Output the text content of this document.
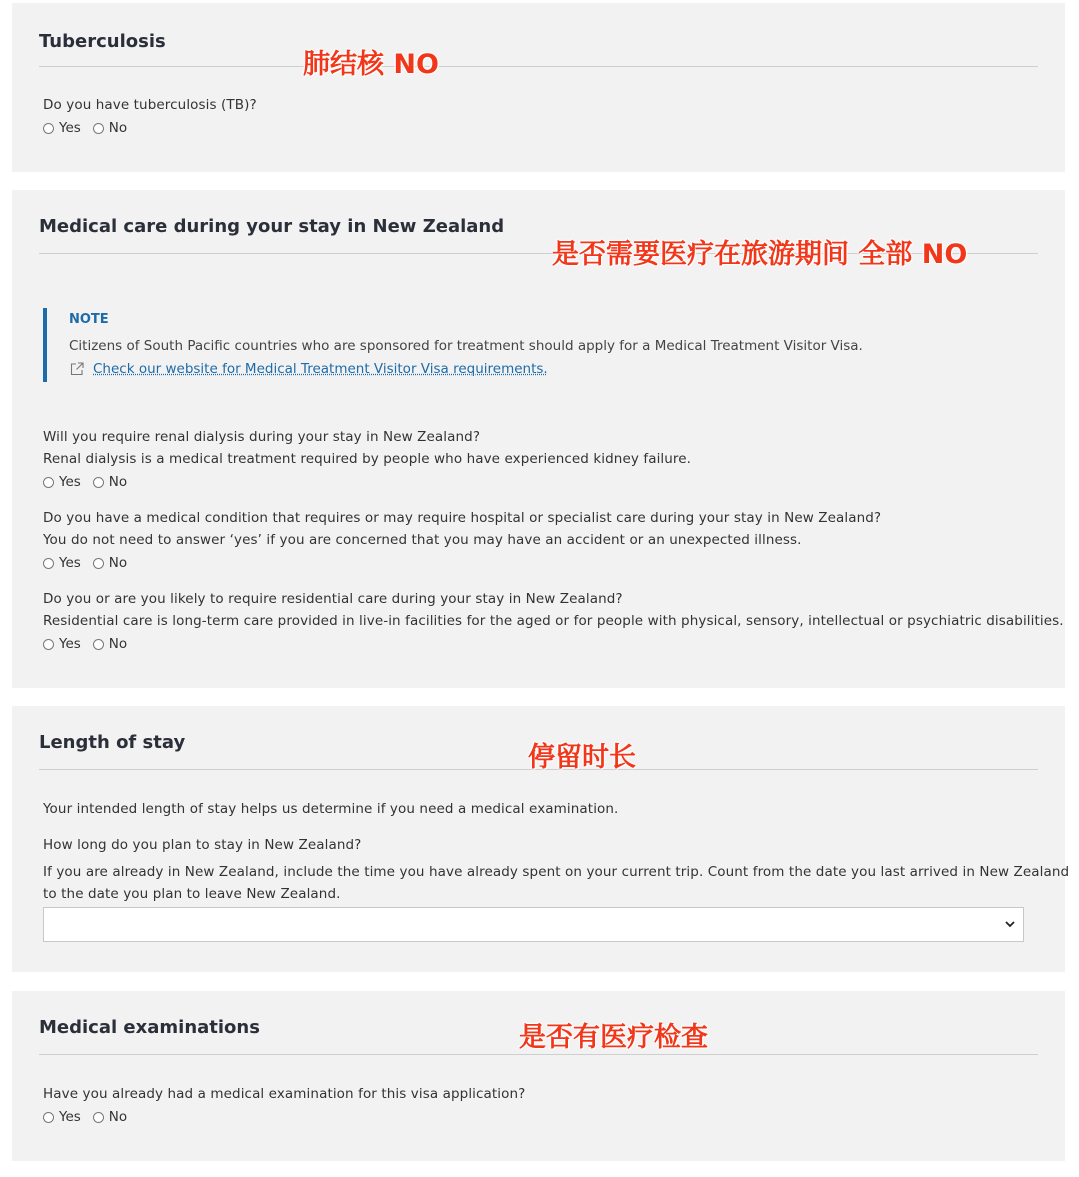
Tuberculosis
Do you have tuberculosis (TB)?
Yes No
肺结核 NO
Medical care during your stay in New Zealand
NOTE
Citizens of South Pacific countries who are sponsored for treatment should apply for a Medical Treatment Visitor Visa.
Check our website for Medical Treatment Visitor Visa requirements.
Will you require renal dialysis during your stay in New Zealand?
Renal dialysis is a medical treatment required by people who have experienced kidney failure.
Yes No
Do you have a medical condition that requires or may require hospital or specialist care during your stay in New Zealand?
You do not need to answer ‘yes’ if you are concerned that you may have an accident or an unexpected illness.
Yes No
Do you or are you likely to require residential care during your stay in New Zealand?
Residential care is long-term care provided in live-in facilities for the aged or for people with physical, sensory, intellectual or psychiatric disabilities.
Yes No
是否需要医疗在旅游期间 全部 NO
Length of stay
Your intended length of stay helps us determine if you need a medical examination.
How long do you plan to stay in New Zealand?
If you are already in New Zealand, include the time you have already spent on your current trip. Count from the date you last arrived in New Zealand
to the date you plan to leave New Zealand.
停留时长
Medical examinations
Have you already had a medical examination for this visa application?
Yes No
是否有医疗检查
